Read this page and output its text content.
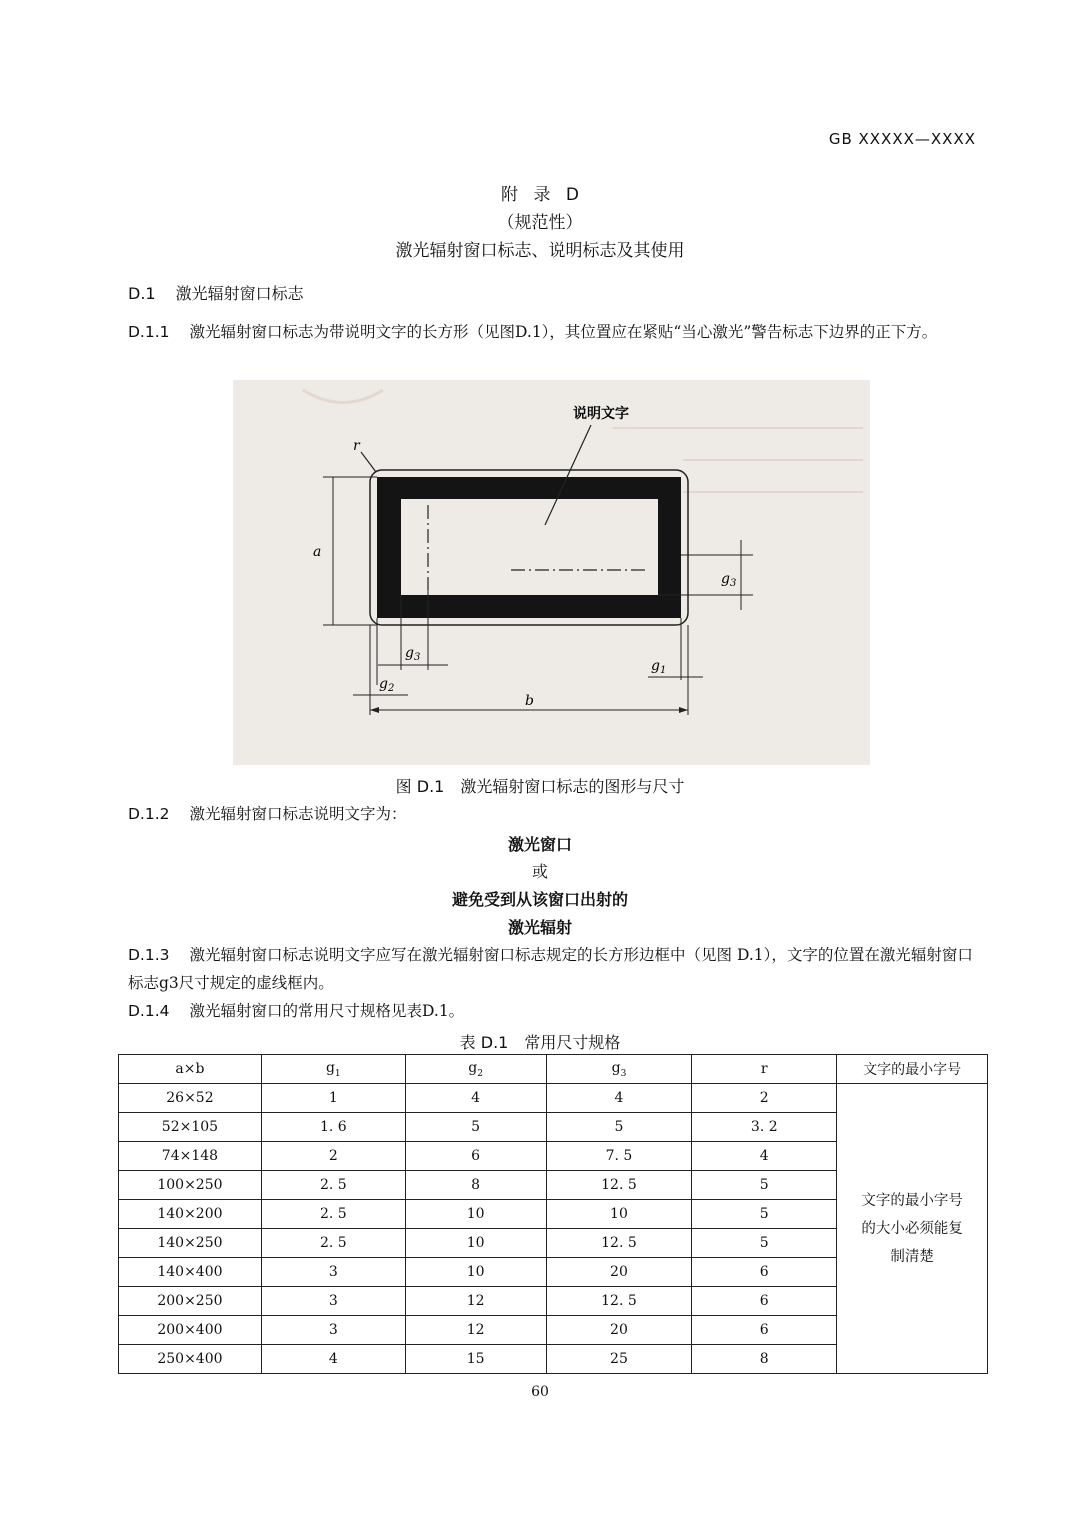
GB XXXXX—XXXX
附 录 D
（规范性）
激光辐射窗口标志、说明标志及其使用
D.1 激光辐射窗口标志
D.1.1 激光辐射窗口标志为带说明文字的长方形（见图D.1），其位置应在紧贴“当心激光”警告标志下边界的正下方。
说明文字
r
a
$g_3$
$g_3$
$g_2$
$g_1$
b
图 D.1　激光辐射窗口标志的图形与尺寸
D.1.2 激光辐射窗口标志说明文字为：
激光窗口
或
避免受到从该窗口出射的
激光辐射
D.1.3 激光辐射窗口标志说明文字应写在激光辐射窗口标志规定的长方形边框中（见图 D.1），文字的位置在激光辐射窗口标志g3尺寸规定的虚线框内。
D.1.4 激光辐射窗口的常用尺寸规格见表D.1。
表 D.1　常用尺寸规格
a×b	$g_1$	$g_2$	$g_3$	r	文字的最小字号
26×52	1	4	4	2	文字的最小字号
的大小必须能复
制清楚

52×105	1. 6	5	5	3. 2	
74×148	2	6	7. 5	4	
100×250	2. 5	8	12. 5	5	
140×200	2. 5	10	10	5	
140×250	2. 5	10	12. 5	5	
140×400	3	10	20	6	
200×250	3	12	12. 5	6	
200×400	3	12	20	6	
250×400	4	15	25	8	
60
